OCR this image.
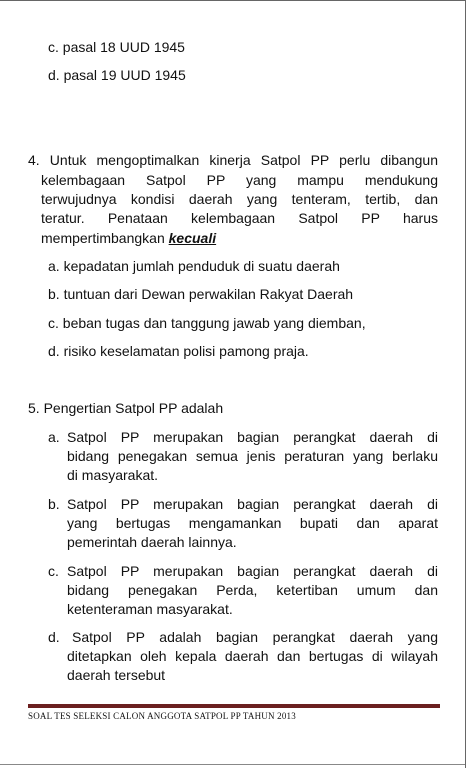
c. pasal 18 UUD 1945
d. pasal 19 UUD 1945
4. Untuk mengoptimalkan kinerja Satpol PP perlu dibangun
kelembagaan Satpol PP yang mampu mendukung
terwujudnya kondisi daerah yang tenteram, tertib, dan
teratur. Penataan kelembagaan Satpol PP harus
mempertimbangkan kecuali
a. kepadatan jumlah penduduk di suatu daerah
b. tuntuan dari Dewan perwakilan Rakyat Daerah
c. beban tugas dan tanggung jawab yang diemban,
d. risiko keselamatan polisi pamong praja.
5. Pengertian Satpol PP adalah
a. Satpol PP merupakan bagian perangkat daerah di
bidang penegakan semua jenis peraturan yang berlaku
di masyarakat.
b. Satpol PP merupakan bagian perangkat daerah di
yang bertugas mengamankan bupati dan aparat
pemerintah daerah lainnya.
c. Satpol PP merupakan bagian perangkat daerah di
bidang penegakan Perda, ketertiban umum dan
ketenteraman masyarakat.
d. Satpol PP adalah bagian perangkat daerah yang
ditetapkan oleh kepala daerah dan bertugas di wilayah
daerah tersebut
SOAL TES SELEKSI CALON ANGGOTA SATPOL PP TAHUN 2013
